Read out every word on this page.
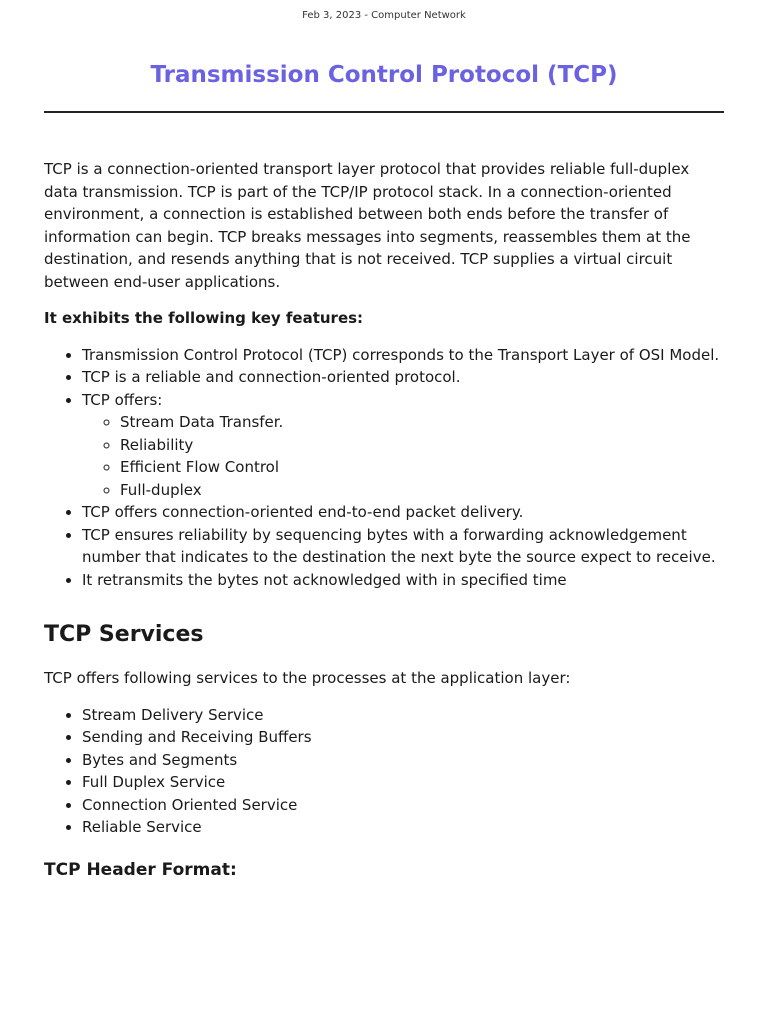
Feb 3, 2023 - Computer Network
Transmission Control Protocol (TCP)

TCP is a connection-oriented transport layer protocol that provides reliable full-duplex data transmission. TCP is part of the TCP/IP protocol stack. In a connection-oriented environment, a connection is established between both ends before the transfer of information can begin. TCP breaks messages into segments, reassembles them at the destination, and resends anything that is not received. TCP supplies a virtual circuit between end-user applications.

It exhibits the following key features:

• Transmission Control Protocol (TCP) corresponds to the Transport Layer of OSI Model.
• TCP is a reliable and connection-oriented protocol.
• TCP offers:
◦ Stream Data Transfer.
◦ Reliability
◦ Efficient Flow Control
◦ Full-duplex
• TCP offers connection-oriented end-to-end packet delivery.
• TCP ensures reliability by sequencing bytes with a forwarding acknowledgement number that indicates to the destination the next byte the source expect to receive.
• It retransmits the bytes not acknowledged with in specified time
TCP Services

TCP offers following services to the processes at the application layer:

• Stream Delivery Service
• Sending and Receiving Buffers
• Bytes and Segments
• Full Duplex Service
• Connection Oriented Service
• Reliable Service
TCP Header Format:
